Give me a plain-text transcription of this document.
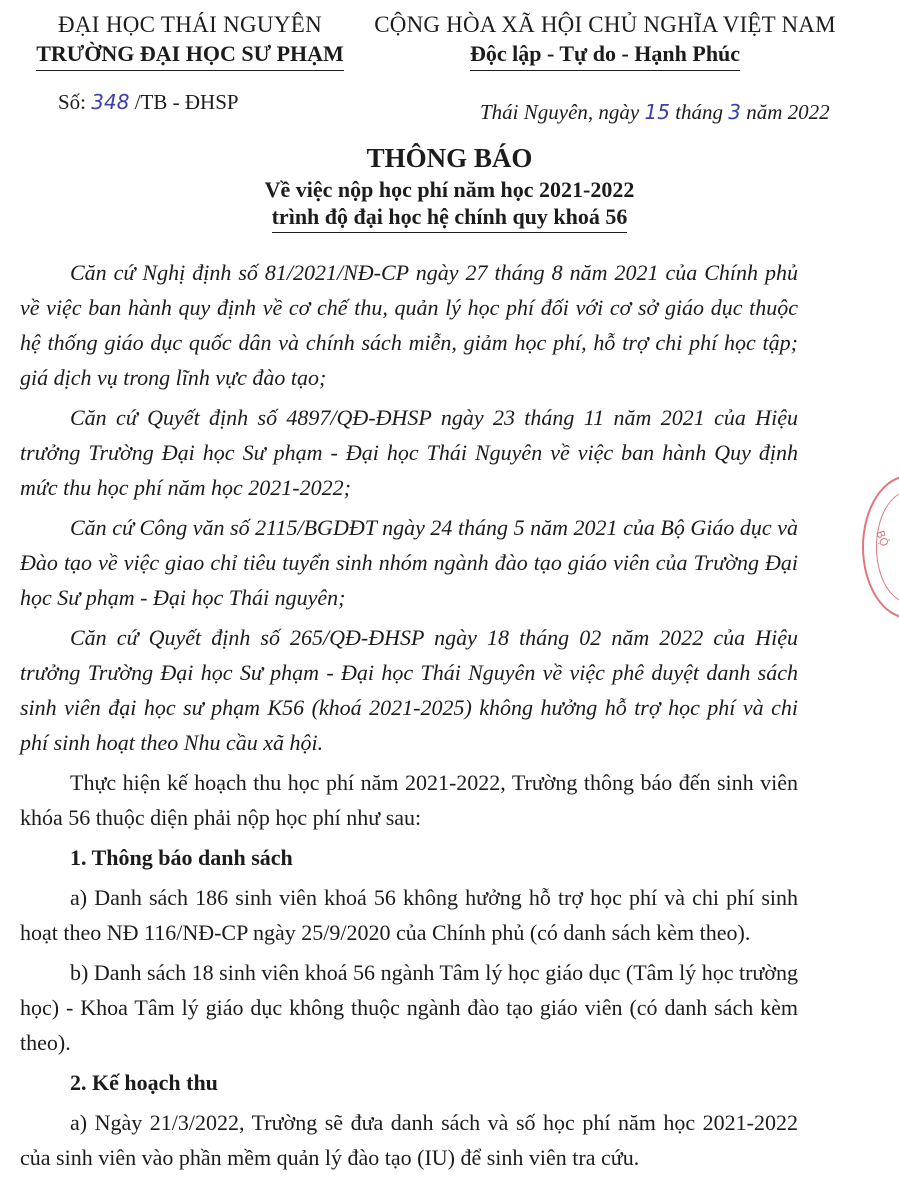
ĐẠI HỌC THÁI NGUYÊN
TRƯỜNG ĐẠI HỌC SƯ PHẠM
CỘNG HÒA XÃ HỘI CHỦ NGHĨA VIỆT NAM
Độc lập - Tự do - Hạnh Phúc
Số: 348 /TB - ĐHSP	Thái Nguyên, ngày 15 tháng 3 năm 2022
THÔNG BÁO
Về việc nộp học phí năm học 2021-2022
trình độ đại học hệ chính quy khoá 56

Căn cứ Nghị định số 81/2021/NĐ-CP ngày 27 tháng 8 năm 2021 của Chính phủ về việc ban hành quy định về cơ chế thu, quản lý học phí đối với cơ sở giáo dục thuộc hệ thống giáo dục quốc dân và chính sách miễn, giảm học phí, hỗ trợ chi phí học tập; giá dịch vụ trong lĩnh vực đào tạo;

Căn cứ Quyết định số 4897/QĐ-ĐHSP ngày 23 tháng 11 năm 2021 của Hiệu trưởng Trường Đại học Sư phạm - Đại học Thái Nguyên về việc ban hành Quy định mức thu học phí năm học 2021-2022;

Căn cứ Công văn số 2115/BGDĐT ngày 24 tháng 5 năm 2021 của Bộ Giáo dục và Đào tạo về việc giao chỉ tiêu tuyển sinh nhóm ngành đào tạo giáo viên của Trường Đại học Sư phạm - Đại học Thái nguyên;

Căn cứ Quyết định số 265/QĐ-ĐHSP ngày 18 tháng 02 năm 2022 của Hiệu trưởng Trường Đại học Sư phạm - Đại học Thái Nguyên về việc phê duyệt danh sách sinh viên đại học sư phạm K56 (khoá 2021-2025) không hưởng hỗ trợ học phí và chi phí sinh hoạt theo Nhu cầu xã hội.

Thực hiện kế hoạch thu học phí năm 2021-2022, Trường thông báo đến sinh viên khóa 56 thuộc diện phải nộp học phí như sau:

1. Thông báo danh sách

a) Danh sách 186 sinh viên khoá 56 không hưởng hỗ trợ học phí và chi phí sinh hoạt theo NĐ 116/NĐ-CP ngày 25/9/2020 của Chính phủ (có danh sách kèm theo).

b) Danh sách 18 sinh viên khoá 56 ngành Tâm lý học giáo dục (Tâm lý học trường học) - Khoa Tâm lý giáo dục không thuộc ngành đào tạo giáo viên (có danh sách kèm theo).

2. Kế hoạch thu

a) Ngày 21/3/2022, Trường sẽ đưa danh sách và số học phí năm học 2021-2022 của sinh viên vào phần mềm quản lý đào tạo (IU) để sinh viên tra cứu.

BỘ
